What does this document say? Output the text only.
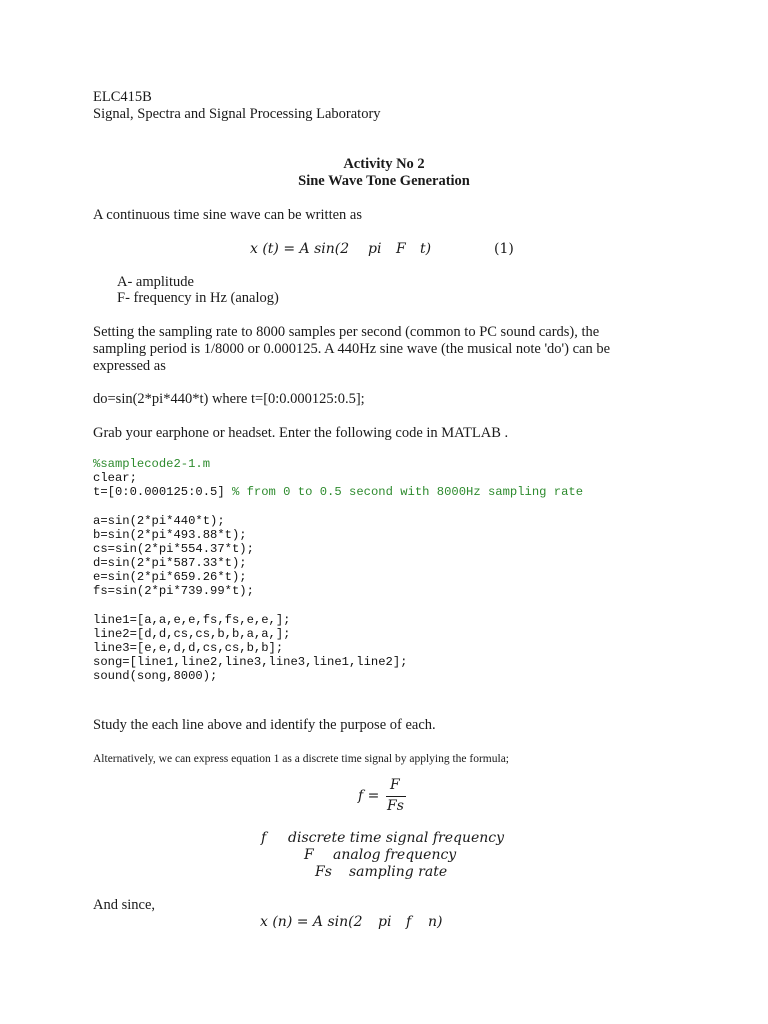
ELC415B
Signal, Spectra and Signal Processing Laboratory
Activity No 2
Sine Wave Tone Generation
A continuous time sine wave can be written as
x (t) = A sin(2 pi F t)	(1)
A- amplitude
F- frequency in Hz (analog)
Setting the sampling rate to 8000 samples per second (common to PC sound cards), the
sampling period is 1/8000 or 0.000125. A 440Hz sine wave (the musical note 'do') can be
expressed as
do=sin(2*pi*440*t) where t=[0:0.000125:0.5];
Grab your earphone or headset. Enter the following code in MATLAB .
%samplecode2-1.m
clear;
t=[0:0.000125:0.5] % from 0 to 0.5 second with 8000Hz sampling rate
a=sin(2*pi*440*t);
b=sin(2*pi*493.88*t);
cs=sin(2*pi*554.37*t);
d=sin(2*pi*587.33*t);
e=sin(2*pi*659.26*t);
fs=sin(2*pi*739.99*t);
line1=[a,a,e,e,fs,fs,e,e,];
line2=[d,d,cs,cs,b,b,a,a,];
line3=[e,e,d,d,cs,cs,b,b];
song=[line1,line2,line3,line3,line1,line2];
sound(song,8000);
Study the each line above and identify the purpose of each.
Alternatively, we can express equation 1 as a discrete time signal by applying the formula;
f =
F
Fs
f discrete time signal frequency
F analog frequency
Fs sampling rate
And since,
x (n) = A sin(2 pi f n)
